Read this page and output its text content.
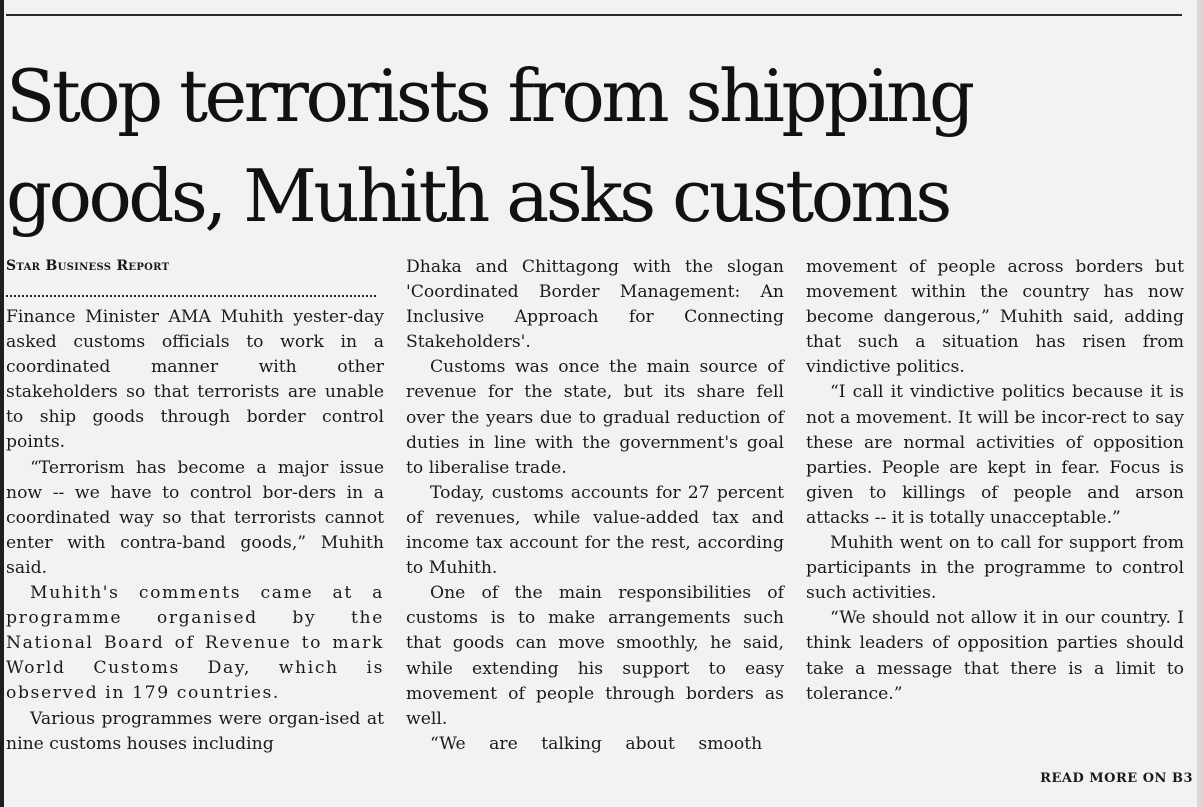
Stop terrorists from shipping
goods, Muhith asks customs

Star Business Report

Finance Minister AMA Muhith yester-day asked customs officials to work in a coordinated manner with other stakeholders so that terrorists are unable to ship goods through border control points.

“Terrorism has become a major issue now -- we have to control bor-ders in a coordinated way so that terrorists cannot enter with contra-band goods,” Muhith said.

Muhith's comments came at a programme organised by the National Board of Revenue to mark World Customs Day, which is observed in 179 countries.

Various programmes were organ-ised at nine customs houses including

Dhaka and Chittagong with the slogan 'Coordinated Border Management: An Inclusive Approach for Connecting Stakeholders'.

Customs was once the main source of revenue for the state, but its share fell over the years due to gradual reduction of duties in line with the government's goal to liberalise trade.

Today, customs accounts for 27 percent of revenues, while value-added tax and income tax account for the rest, according to Muhith.

One of the main responsibilities of customs is to make arrangements such that goods can move smoothly, he said, while extending his support to easy movement of people through borders as well.

“We are talking about smooth

movement of people across borders but movement within the country has now become dangerous,” Muhith said, adding that such a situation has risen from vindictive politics.

“I call it vindictive politics because it is not a movement. It will be incor-rect to say these are normal activities of opposition parties. People are kept in fear. Focus is given to killings of people and arson attacks -- it is totally unacceptable.”

Muhith went on to call for support from participants in the programme to control such activities.

“We should not allow it in our country. I think leaders of opposition parties should take a message that there is a limit to tolerance.”

READ MORE ON B3
